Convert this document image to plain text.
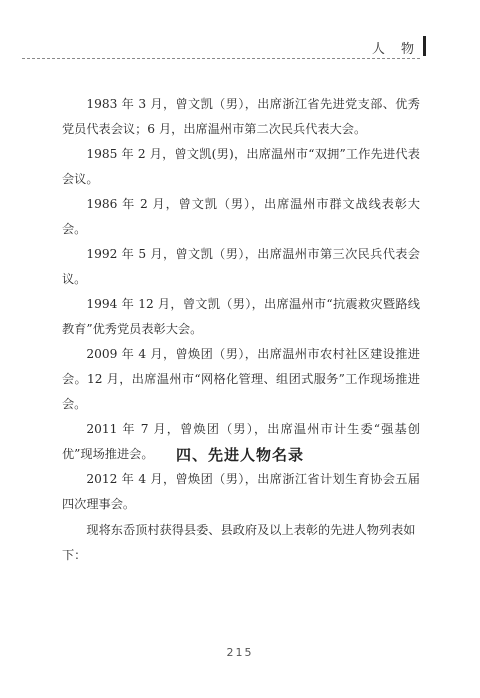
人 物

1983 年 3 月，曾文凯（男），出席浙江省先进党支部、优秀党员代表会议；6 月，出席温州市第二次民兵代表大会。

1985 年 2 月，曾文凯(男)，出席温州市“双拥”工作先进代表会议。

1986 年 2 月，曾文凯（男），出席温州市群文战线表彰大会。

1992 年 5 月，曾文凯（男），出席温州市第三次民兵代表会议。

1994 年 12 月，曾文凯（男），出席温州市“抗震救灾暨路线教育”优秀党员表彰大会。

2009 年 4 月，曾焕团（男），出席温州市农村社区建设推进会。12 月，出席温州市“网格化管理、组团式服务”工作现场推进会。

2011 年 7 月，曾焕团（男），出席温州市计生委“强基创优”现场推进会。

2012 年 4 月，曾焕团（男），出席浙江省计划生育协会五届四次理事会。

四、先进人物名录

现将东岙顶村获得县委、县政府及以上表彰的先进人物列表如下：

215
